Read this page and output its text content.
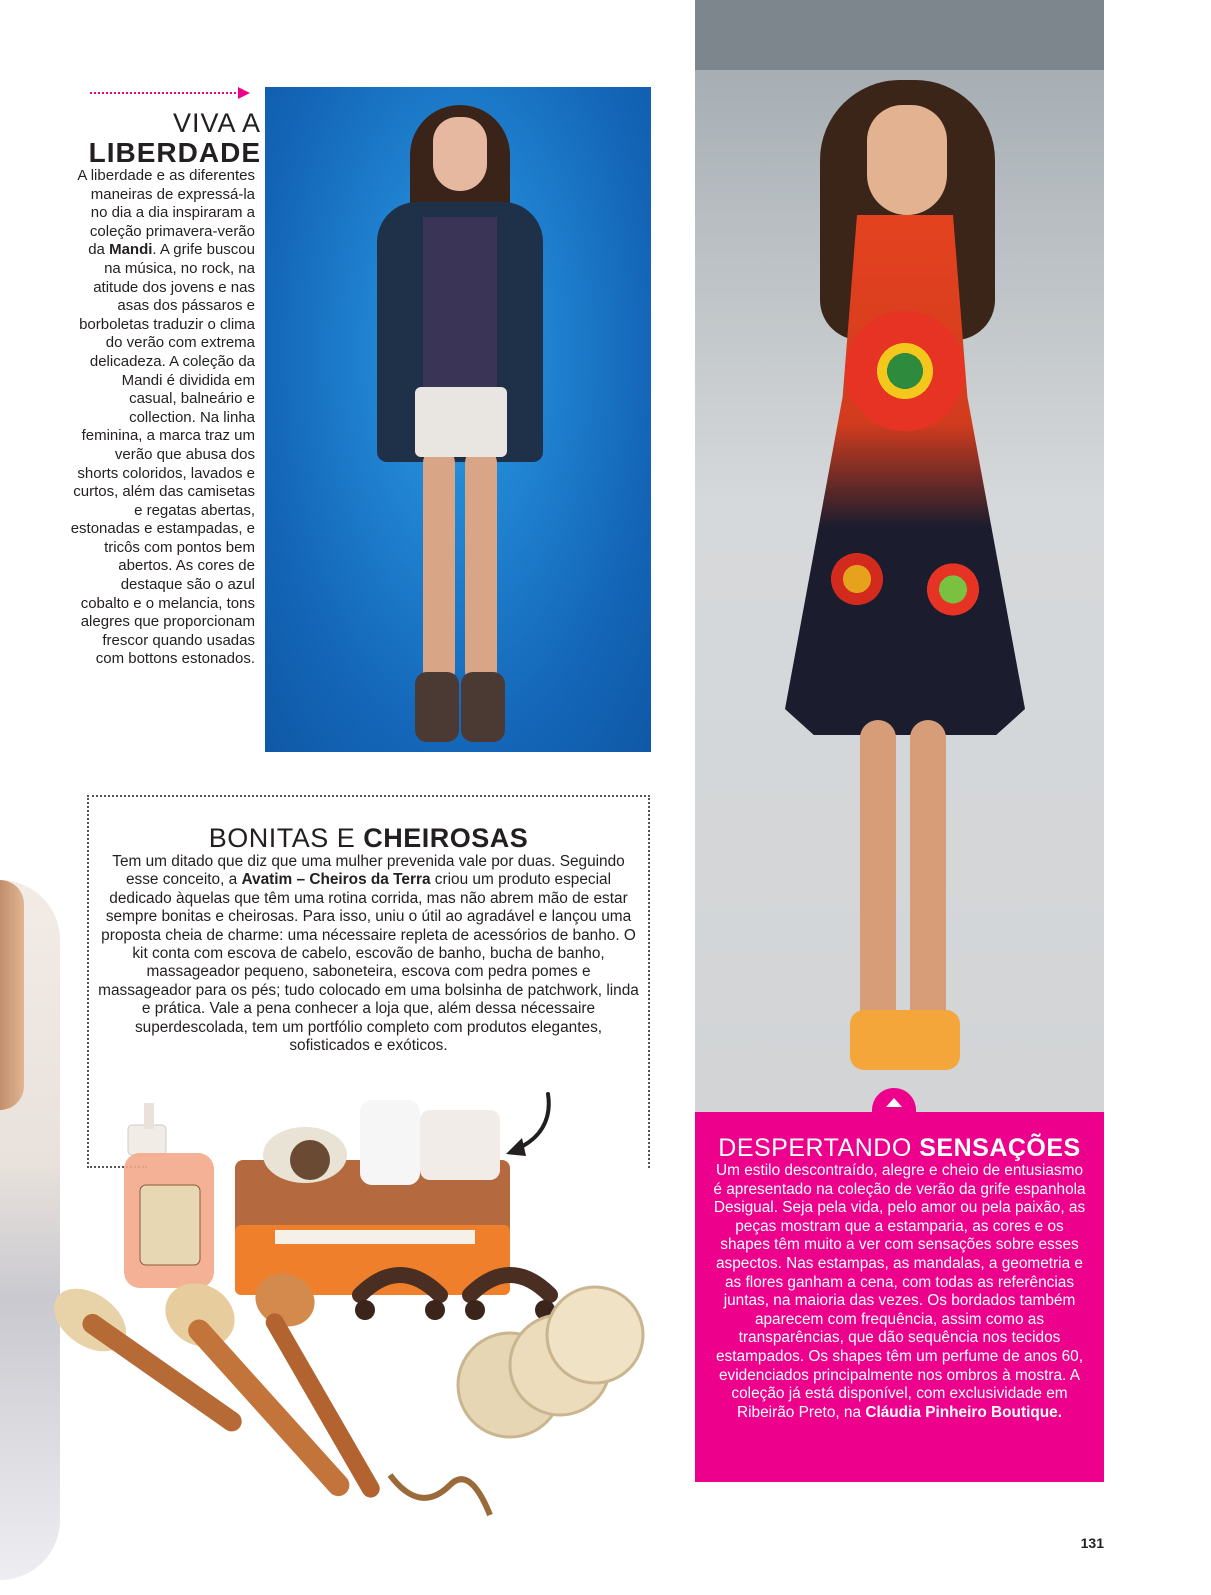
VIVA A
LIBERDADE
A liberdade e as diferentes maneiras de expressá-la no dia a dia inspiraram a coleção primavera-verão da Mandi. A grife buscou na música, no rock, na atitude dos jovens e nas asas dos pássaros e borboletas traduzir o clima do verão com extrema delicadeza. A coleção da Mandi é dividida em casual, balneário e collection. Na linha feminina, a marca traz um verão que abusa dos shorts coloridos, lavados e curtos, além das camisetas e regatas abertas, estonadas e estampadas, e tricôs com pontos bem abertos. As cores de destaque são o azul cobalto e o melancia, tons alegres que proporcionam frescor quando usadas com bottons estonados.
DESPERTANDO SENSAÇÕES
Um estilo descontraído, alegre e cheio de entusiasmo é apresentado na coleção de verão da grife espanhola Desigual. Seja pela vida, pelo amor ou pela paixão, as peças mostram que a estamparia, as cores e os shapes têm muito a ver com sensações sobre esses aspectos. Nas estampas, as mandalas, a geometria e as flores ganham a cena, com todas as referências juntas, na maioria das vezes. Os bordados também aparecem com frequência, assim como as transparências, que dão sequência nos tecidos estampados. Os shapes têm um perfume de anos 60, evidenciados principalmente nos ombros à mostra. A coleção já está disponível, com exclusividade em Ribeirão Preto, na Cláudia Pinheiro Boutique.
BONITAS E CHEIROSAS
Tem um ditado que diz que uma mulher prevenida vale por duas. Seguindo esse conceito, a Avatim – Cheiros da Terra criou um produto especial dedicado àquelas que têm uma rotina corrida, mas não abrem mão de estar sempre bonitas e cheirosas. Para isso, uniu o útil ao agradável e lançou uma proposta cheia de charme: uma nécessaire repleta de acessórios de banho. O kit conta com escova de cabelo, escovão de banho, bucha de banho, massageador pequeno, saboneteira, escova com pedra pomes e massageador para os pés; tudo colocado em uma bolsinha de patchwork, linda e prática. Vale a pena conhecer a loja que, além dessa nécessaire superdescolada, tem um portfólio completo com produtos elegantes, sofisticados e exóticos.
131
